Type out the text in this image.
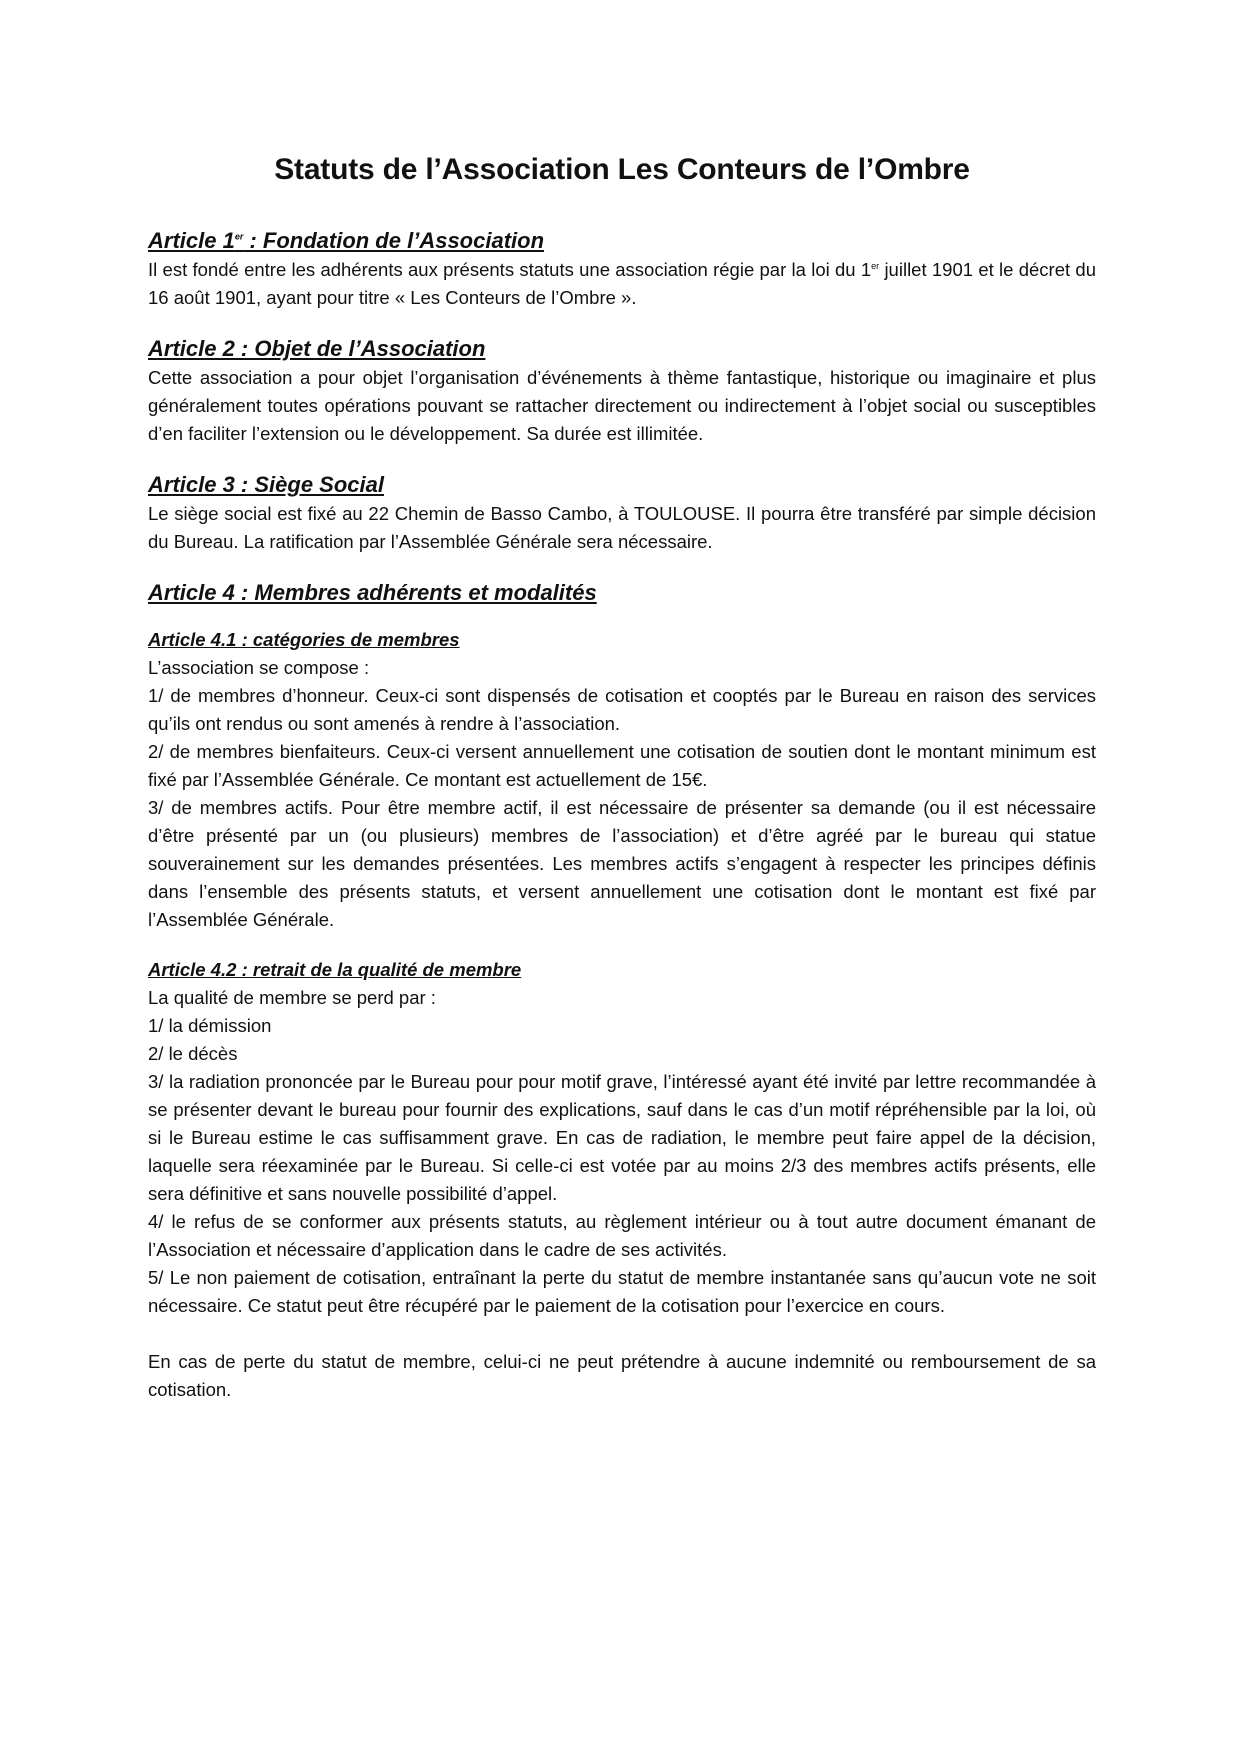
Statuts de l’Association Les Conteurs de l’Ombre
Article 1er : Fondation de l’Association

Il est fondé entre les adhérents aux présents statuts une association régie par la loi du 1er juillet 1901 et le décret du 16 août 1901, ayant pour titre « Les Conteurs de l’Ombre ».

Article 2 : Objet de l’Association

Cette association a pour objet l’organisation d’événements à thème fantastique, historique ou imaginaire et plus généralement toutes opérations pouvant se rattacher directement ou indirectement à l’objet social ou susceptibles d’en faciliter l’extension ou le développement. Sa durée est illimitée.

Article 3 : Siège Social

Le siège social est fixé au 22 Chemin de Basso Cambo, à TOULOUSE. Il pourra être transféré par simple décision du Bureau. La ratification par l’Assemblée Générale sera nécessaire.

Article 4 : Membres adhérents et modalités
Article 4.1 : catégories de membres
L’association se compose :
1/ de membres d’honneur. Ceux-ci sont dispensés de cotisation et cooptés par le Bureau en raison des services qu’ils ont rendus ou sont amenés à rendre à l’association.
2/ de membres bienfaiteurs. Ceux-ci versent annuellement une cotisation de soutien dont le montant minimum est fixé par l’Assemblée Générale. Ce montant est actuellement de 15€.
3/ de membres actifs. Pour être membre actif, il est nécessaire de présenter sa demande (ou il est nécessaire d’être présenté par un (ou plusieurs) membres de l’association) et d’être agréé par le bureau qui statue souverainement sur les demandes présentées. Les membres actifs s’engagent à respecter les principes définis dans l’ensemble des présents statuts, et versent annuellement une cotisation dont le montant est fixé par l’Assemblée Générale.
Article 4.2 : retrait de la qualité de membre
La qualité de membre se perd par :
1/ la démission
2/ le décès
3/ la radiation prononcée par le Bureau pour pour motif grave, l’intéressé ayant été invité par lettre recommandée à se présenter devant le bureau pour fournir des explications, sauf dans le cas d’un motif répréhensible par la loi, où si le Bureau estime le cas suffisamment grave. En cas de radiation, le membre peut faire appel de la décision, laquelle sera réexaminée par le Bureau. Si celle-ci est votée par au moins 2/3 des membres actifs présents, elle sera définitive et sans nouvelle possibilité d’appel.
4/ le refus de se conformer aux présents statuts, au règlement intérieur ou à tout autre document émanant de l’Association et nécessaire d’application dans le cadre de ses activités.
5/ Le non paiement de cotisation, entraînant la perte du statut de membre instantanée sans qu’aucun vote ne soit nécessaire. Ce statut peut être récupéré par le paiement de la cotisation pour l’exercice en cours.

En cas de perte du statut de membre, celui-ci ne peut prétendre à aucune indemnité ou remboursement de sa cotisation.
